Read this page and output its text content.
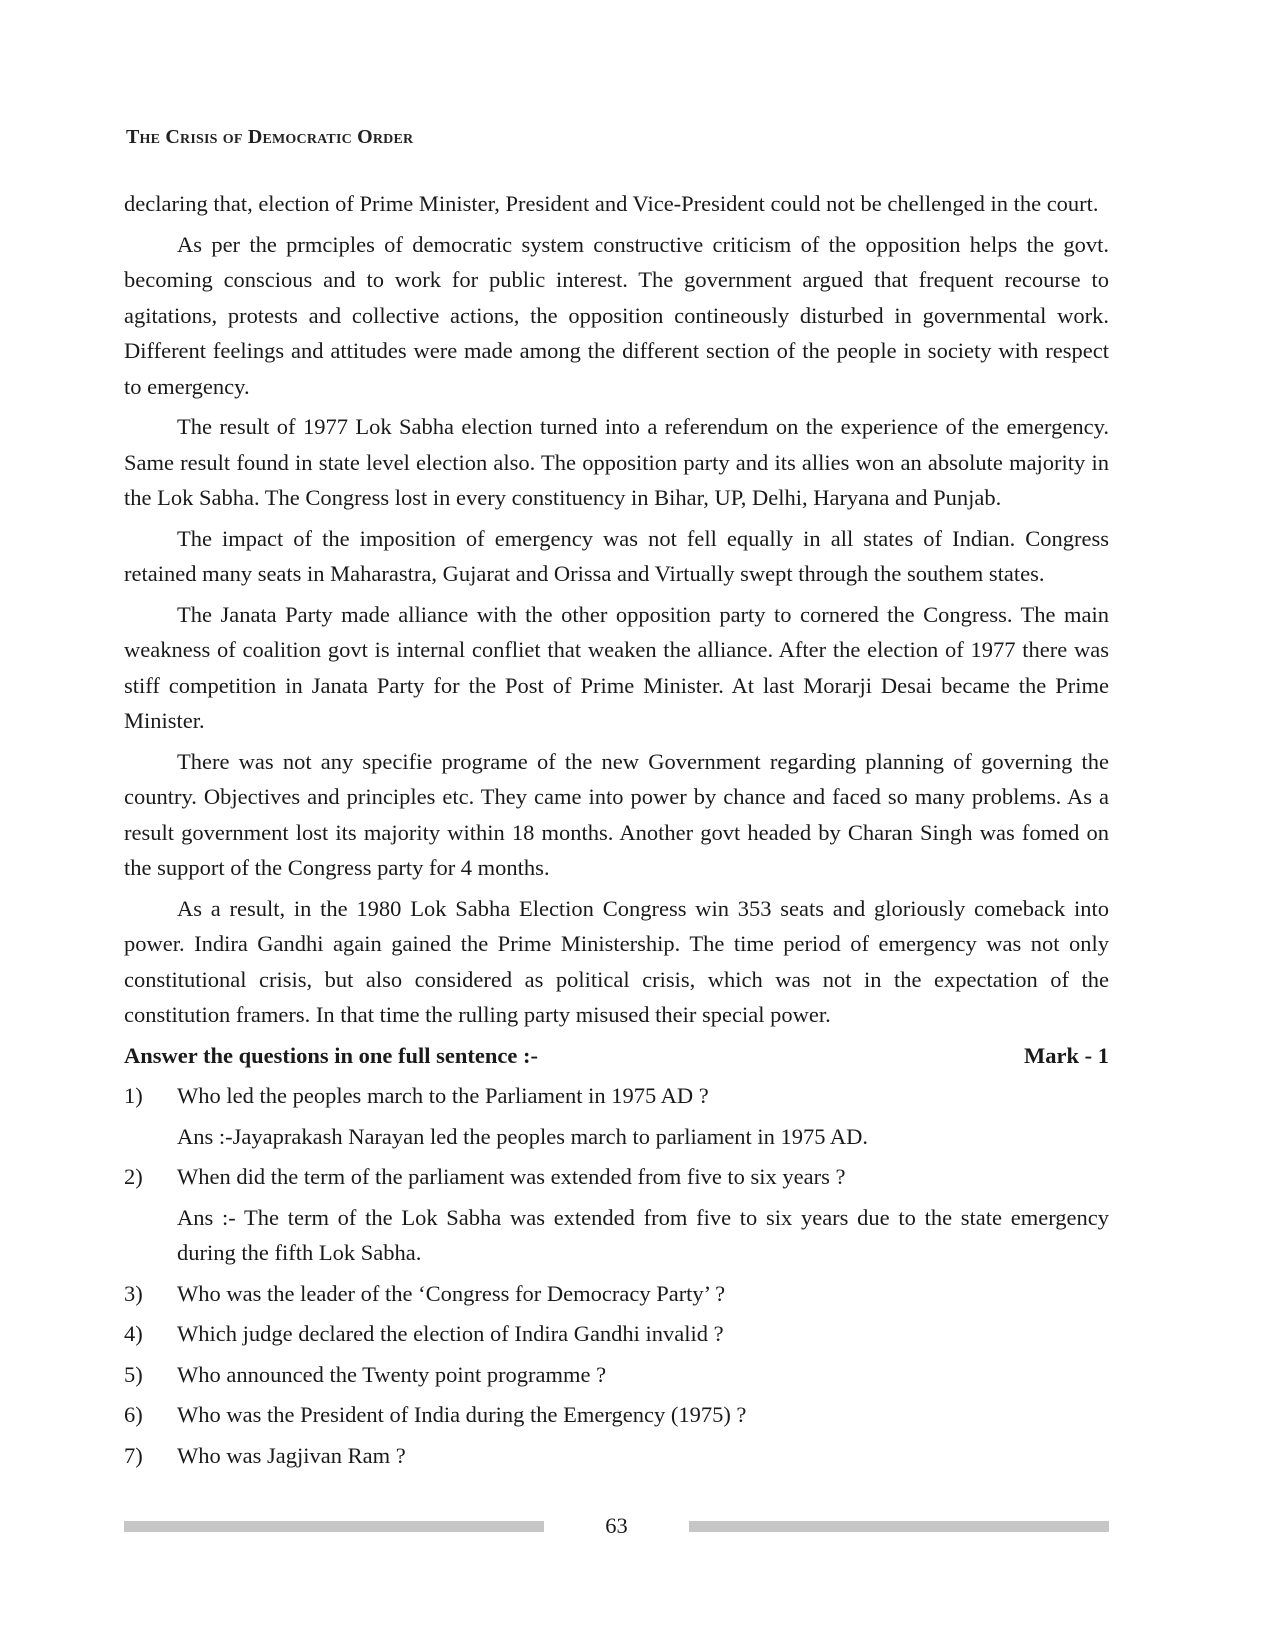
The Crisis of Democratic Order

declaring that, election of Prime Minister, President and Vice-President could not be chellenged in the court.

As per the prmciples of democratic system constructive criticism of the opposition helps the govt. becoming conscious and to work for public interest. The government argued that frequent recourse to agitations, protests and collective actions, the opposition contineously disturbed in governmental work. Different feelings and attitudes were made among the different section of the people in society with respect to emergency.

The result of 1977 Lok Sabha election turned into a referendum on the experience of the emergency. Same result found in state level election also. The opposition party and its allies won an absolute majority in the Lok Sabha. The Congress lost in every constituency in Bihar, UP, Delhi, Haryana and Punjab.

The impact of the imposition of emergency was not fell equally in all states of Indian. Congress retained many seats in Maharastra, Gujarat and Orissa and Virtually swept through the southem states.

The Janata Party made alliance with the other opposition party to cornered the Congress. The main weakness of coalition govt is internal confliet that weaken the alliance. After the election of 1977 there was stiff competition in Janata Party for the Post of Prime Minister. At last Morarji Desai became the Prime Minister.

There was not any specifie programe of the new Government regarding planning of governing the country. Objectives and principles etc. They came into power by chance and faced so many problems. As a result government lost its majority within 18 months. Another govt headed by Charan Singh was fomed on the support of the Congress party for 4 months.

As a result, in the 1980 Lok Sabha Election Congress win 353 seats and gloriously comeback into power. Indira Gandhi again gained the Prime Ministership. The time period of emergency was not only constitutional crisis, but also considered as political crisis, which was not in the expectation of the constitution framers. In that time the rulling party misused their special power.

Answer the questions in one full sentence :-	Mark - 1
1)	Who led the peoples march to the Parliament in 1975 AD ?
Ans :-Jayaprakash Narayan led the peoples march to parliament in 1975 AD.
2)	When did the term of the parliament was extended from five to six years ?
Ans :- The term of the Lok Sabha was extended from five to six years due to the state emergency during the fifth Lok Sabha.
3)	Who was the leader of the ‘Congress for Democracy Party’ ?
4)	Which judge declared the election of Indira Gandhi invalid ?
5)	Who announced the Twenty point programme ?
6)	Who was the President of India during the Emergency (1975) ?
7)	Who was Jagjivan Ram ?
63
